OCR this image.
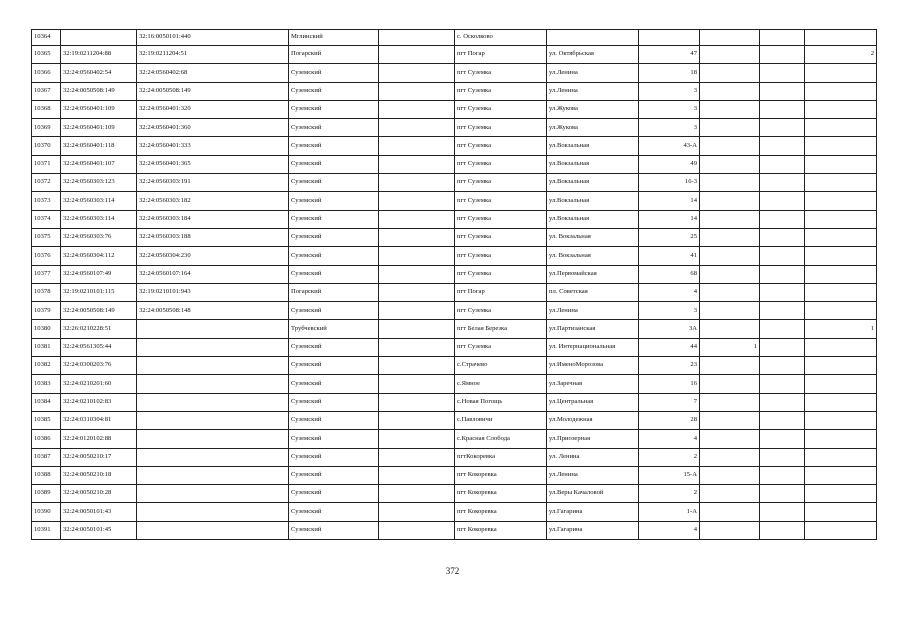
10364		32:16:0050101:440	Мглинский		с. Осколково					
10365	32:19:0211204:88	32:19:0211204:51	Погарский		пгт Погар	ул. Октябрьская	47			2
10366	32:24:0560402:54	32:24:0560402:68	Суземский		пгт Суземка	ул.Ленина	18			
10367	32:24:0050508:149	32:24:0050508:149	Суземский		пгт Суземка	ул.Ленина	3			
10368	32:24:0560401:109	32:24:0560401:320	Суземский		пгт Суземка	ул.Жукова	3			
10369	32:24:0560401:109	32:24:0560401:360	Суземский		пгт Суземка	ул.Жукова	3			
10370	32:24:0560401:118	32:24:0560401:333	Суземский		пгт Суземка	ул.Вокзальная	43-А			
10371	32:24:0560401:107	32:24:0560401:365	Суземский		пгт Суземка	ул.Вокзальная	49			
10372	32:24:0560303:123	32:24:0560303:191	Суземский		пгт Суземка	ул.Вокзальная	16-3			
10373	32:24:0560303:114	32:24:0560303:182	Суземский		пгт Суземка	ул.Вокзальная	14			
10374	32:24:0560303:114	32:24:0560303:184	Суземский		пгт Суземка	ул.Вокзальная	14			
10375	32:24:0560303:76	32:24:0560303:188	Суземский		пгт Суземка	ул. Вокзальная	25			
10376	32:24:0560304:112	32:24:0560304:230	Суземский		пгт Суземка	ул. Вокзальная	41			
10377	32:24:0560107:49	32:24:0560107:164	Суземский		пгт Суземка	ул.Первомайская	68			
10378	32:19:0210101:115	32:19:0210101:943	Погарский		пгт Погар	пл. Советская	4			
10379	32:24:0050508:149	32:24:0050508:148	Суземский		пгт Суземка	ул.Ленина	3			
10380	32:26:0210228:51		Трубчевский		пгт Белая Березка	ул.Партизанская	3А			1
10381	32:24:0561305:44		Суземский		пгт Суземка	ул. Интернациональная	44	1		
10382	32:24:0300203:76		Суземский		с.Страчево	ул.ИменоМорозова	23			
10383	32:24:0210201:60		Суземский		с.Ямное	ул.Заречная	16			
10384	32:24:0210102:83		Суземский		с.Новая Погощь	ул.Центральная	7			
10385	32:24:0310304:81		Суземский		с.Павловичи	ул.Молодежная	28			
10386	32:24:0120102:88		Суземский		с.Красная Слобода	ул.Приозерная	4			
10387	32:24:0050210:17		Суземский		пгтКокоревка	ул. Ленина	2			
10388	32:24:0050210:18		Суземский		пгт Кокоревка	ул.Ленина	15-А			
10389	32:24:0050210:28		Суземский		пгт Кокоревка	ул.Веры Качаловой	2			
10390	32:24:0050101:43		Суземский		пгт Кокоревка	ул.Гагарина	1-А			
10391	32:24:0050101:45		Суземский		пгт Кокоревка	ул.Гагарина	4			
372
